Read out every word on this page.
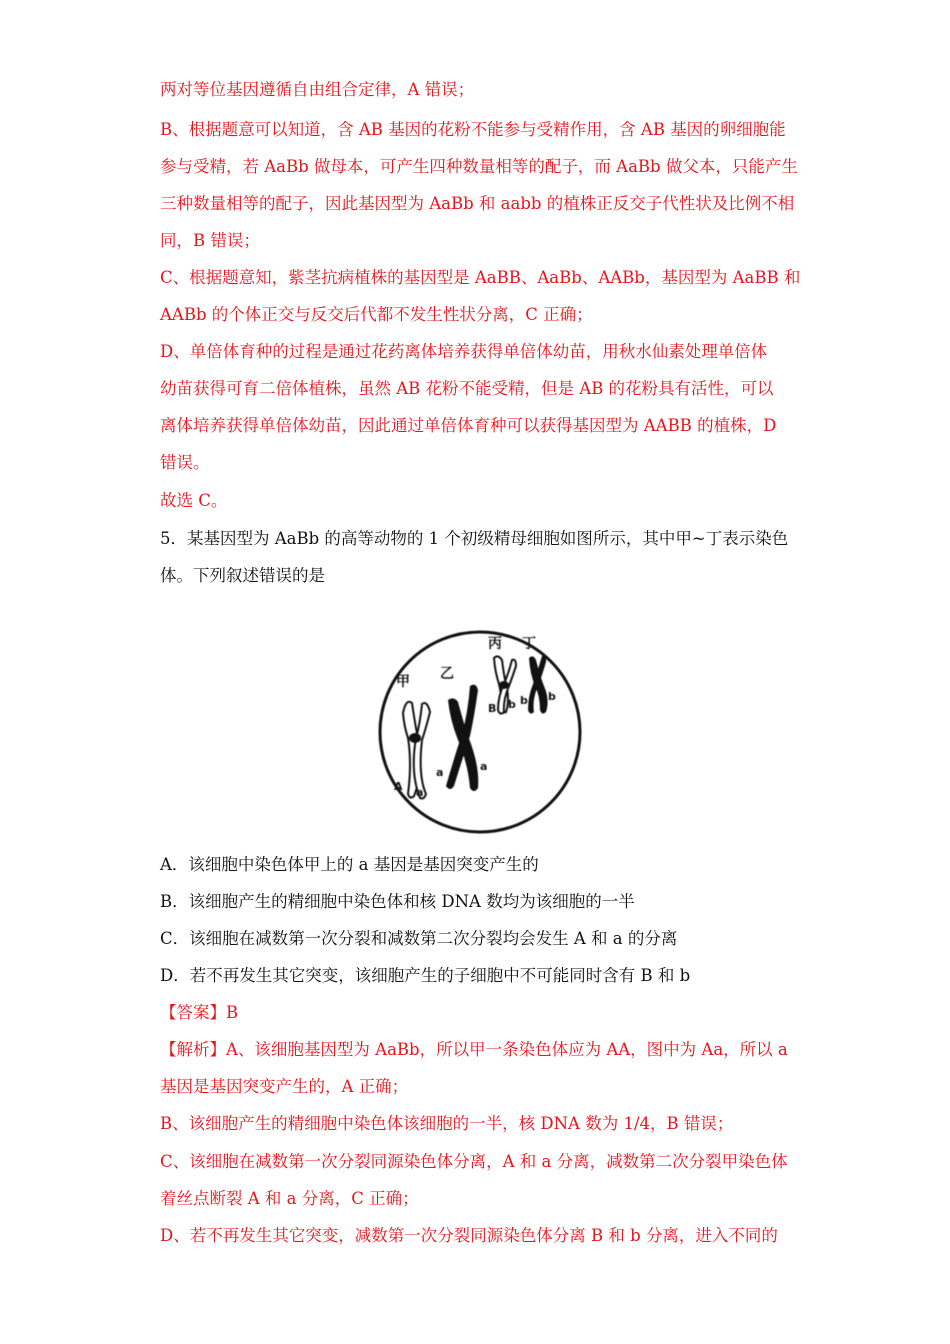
两对等位基因遵循自由组合定律，A 错误；
B、根据题意可以知道，含 AB 基因的花粉不能参与受精作用，含 AB 基因的卵细胞能
参与受精，若 AaBb 做母本，可产生四种数量相等的配子，而 AaBb 做父本，只能产生
三种数量相等的配子，因此基因型为 AaBb 和 aabb 的植株正反交子代性状及比例不相
同，B 错误；
C、根据题意知，紫茎抗病植株的基因型是 AaBB、AaBb、AABb，基因型为 AaBB 和
AABb 的个体正交与反交后代都不发生性状分离，C 正确；
D、单倍体育种的过程是通过花药离体培养获得单倍体幼苗，用秋水仙素处理单倍体
幼苗获得可育二倍体植株，虽然 AB 花粉不能受精，但是 AB 的花粉具有活性，可以
离体培养获得单倍体幼苗，因此通过单倍体育种可以获得基因型为 AABB 的植株，D
错误。
故选 C。
5．某基因型为 AaBb 的高等动物的 1 个初级精母细胞如图所示，其中甲~丁表示染色
体。下列叙述错误的是
甲 乙
丙 丁
A a
a	a
B b b b
A．该细胞中染色体甲上的 a 基因是基因突变产生的
B．该细胞产生的精细胞中染色体和核 DNA 数均为该细胞的一半
C．该细胞在减数第一次分裂和减数第二次分裂均会发生 A 和 a 的分离
D．若不再发生其它突变，该细胞产生的子细胞中不可能同时含有 B 和 b
【答案】B
【解析】A、该细胞基因型为 AaBb，所以甲一条染色体应为 AA，图中为 Aa，所以 a
基因是基因突变产生的，A 正确；
B、该细胞产生的精细胞中染色体该细胞的一半，核 DNA 数为 1/4，B 错误；
C、该细胞在减数第一次分裂同源染色体分离，A 和 a 分离，减数第二次分裂甲染色体
着丝点断裂 A 和 a 分离，C 正确；
D、若不再发生其它突变，减数第一次分裂同源染色体分离 B 和 b 分离，进入不同的
